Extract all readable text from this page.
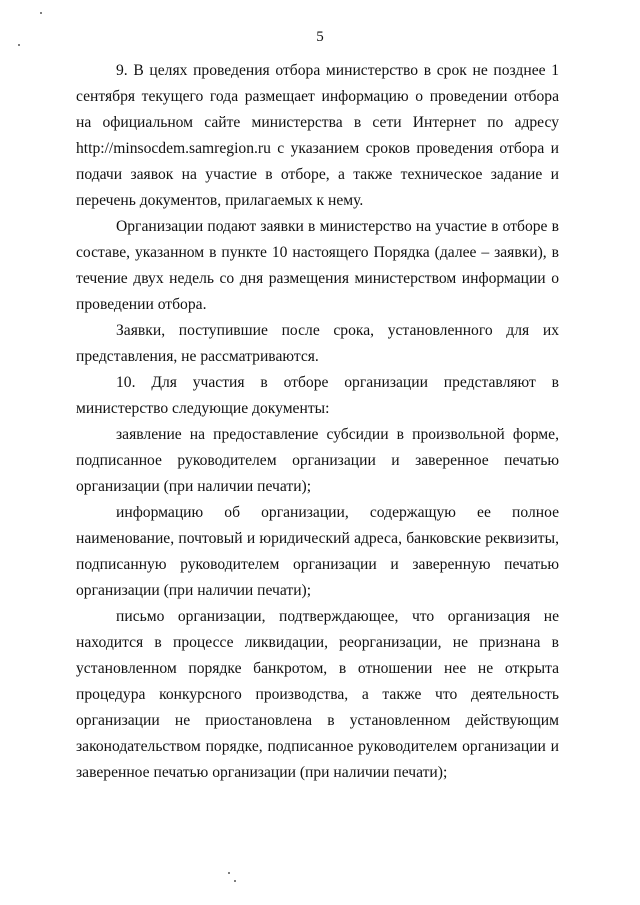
5

9. В целях проведения отбора министерство в срок не позднее 1 сентября текущего года размещает информацию о проведении отбора на официальном сайте министерства в сети Интернет по адресу http://minsocdem.samregion.ru с указанием сроков проведения отбора и подачи заявок на участие в отборе, а также техническое задание и перечень документов, прилагаемых к нему.

Организации подают заявки в министерство на участие в отборе в составе, указанном в пункте 10 настоящего Порядка (далее – заявки), в течение двух недель со дня размещения министерством информации о проведении отбора.

Заявки, поступившие после срока, установленного для их представления, не рассматриваются.

10. Для участия в отборе организации представляют в министерство следующие документы:

заявление на предоставление субсидии в произвольной форме, подписанное руководителем организации и заверенное печатью организации (при наличии печати);

информацию об организации, содержащую ее полное наименование, почтовый и юридический адреса, банковские реквизиты, подписанную руководителем организации и заверенную печатью организации (при наличии печати);

письмо организации, подтверждающее, что организация не находится в процессе ликвидации, реорганизации, не признана в установленном порядке банкротом, в отношении нее не открыта процедура конкурсного производства, а также что деятельность организации не приостановлена в установленном действующим законодательством порядке, подписанное руководителем организации и заверенное печатью организации (при наличии печати);
